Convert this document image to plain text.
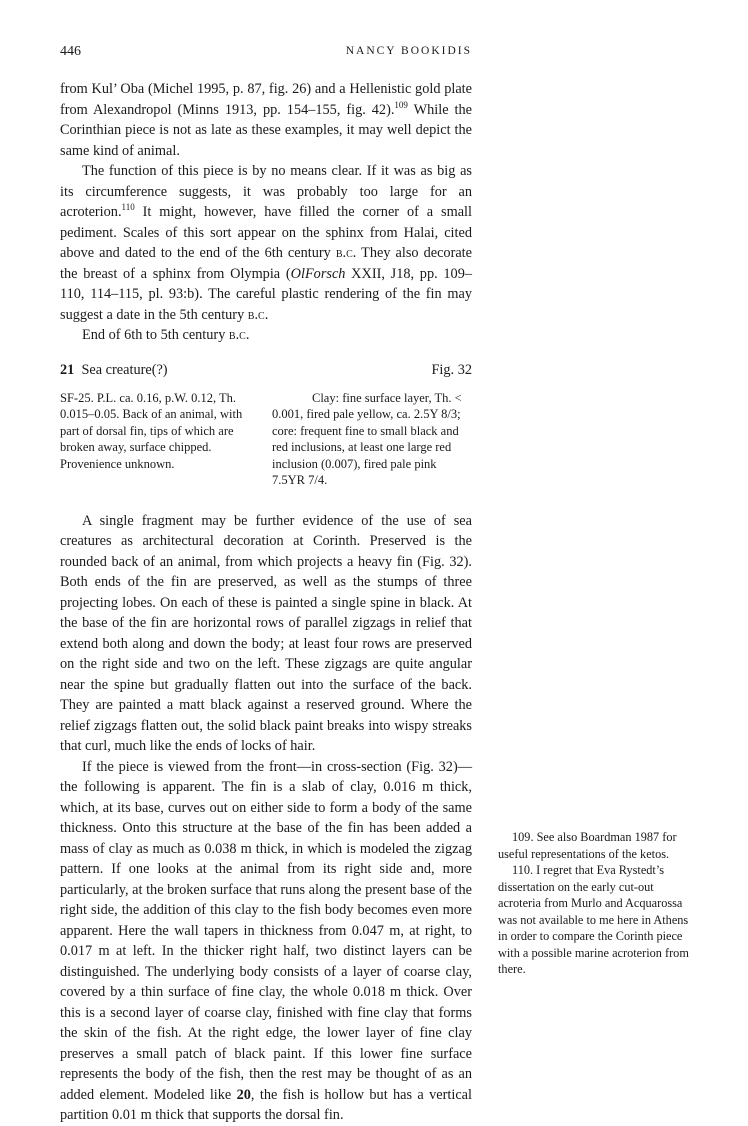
446	NANCY BOOKIDIS

from Kul’ Oba (Michel 1995, p. 87, fig. 26) and a Hellenistic gold plate from Alexandropol (Minns 1913, pp. 154–155, fig. 42).$^{109}$ While the Corinthian piece is not as late as these examples, it may well depict the same kind of animal.

The function of this piece is by no means clear. If it was as big as its circumference suggests, it was probably too large for an acroterion.$^{110}$ It might, however, have filled the corner of a small pediment. Scales of this sort appear on the sphinx from Halai, cited above and dated to the end of the 6th century b.c. They also decorate the breast of a sphinx from Olympia (OlForsch XXII, J18, pp. 109–110, 114–115, pl. 93:b). The careful plastic rendering of the fin may suggest a date in the 5th century b.c.

End of 6th to 5th century b.c.

21 Sea creature(?)	Fig. 32
SF-25. P.L. ca. 0.16, p.W. 0.12, Th. 0.015–0.05. Back of an animal, with part of dorsal fin, tips of which are broken away, surface chipped. Provenience unknown.
Clay: fine surface layer, Th. < 0.001, fired pale yellow, ca. 2.5Y 8/3; core: frequent fine to small black and red inclusions, at least one large red inclusion (0.007), fired pale pink 7.5YR 7/4.

A single fragment may be further evidence of the use of sea creatures as architectural decoration at Corinth. Preserved is the rounded back of an animal, from which projects a heavy fin (Fig. 32). Both ends of the fin are preserved, as well as the stumps of three projecting lobes. On each of these is painted a single spine in black. At the base of the fin are horizontal rows of parallel zigzags in relief that extend both along and down the body; at least four rows are preserved on the right side and two on the left. These zigzags are quite angular near the spine but gradually flatten out into the surface of the back. They are painted a matt black against a reserved ground. Where the relief zigzags flatten out, the solid black paint breaks into wispy streaks that curl, much like the ends of locks of hair.

If the piece is viewed from the front—in cross-section (Fig. 32)—the following is apparent. The fin is a slab of clay, 0.016 m thick, which, at its base, curves out on either side to form a body of the same thickness. Onto this structure at the base of the fin has been added a mass of clay as much as 0.038 m thick, in which is modeled the zigzag pattern. If one looks at the animal from its right side and, more particularly, at the broken surface that runs along the present base of the right side, the addition of this clay to the fish body becomes even more apparent. Here the wall tapers in thickness from 0.047 m, at right, to 0.017 m at left. In the thicker right half, two distinct layers can be distinguished. The underlying body consists of a layer of coarse clay, covered by a thin surface of fine clay, the whole 0.018 m thick. Over this is a second layer of coarse clay, finished with fine clay that forms the skin of the fish. At the right edge, the lower layer of fine clay preserves a small patch of black paint. If this lower fine surface represents the body of the fish, then the rest may be thought of as an added element. Modeled like 20, the fish is hollow but has a vertical partition 0.01 m thick that supports the dorsal fin.

109. See also Boardman 1987 for useful representations of the ketos.

110. I regret that Eva Rystedt’s dissertation on the early cut-out acroteria from Murlo and Acquarossa was not available to me here in Athens in order to compare the Corinth piece with a possible marine acroterion from there.
